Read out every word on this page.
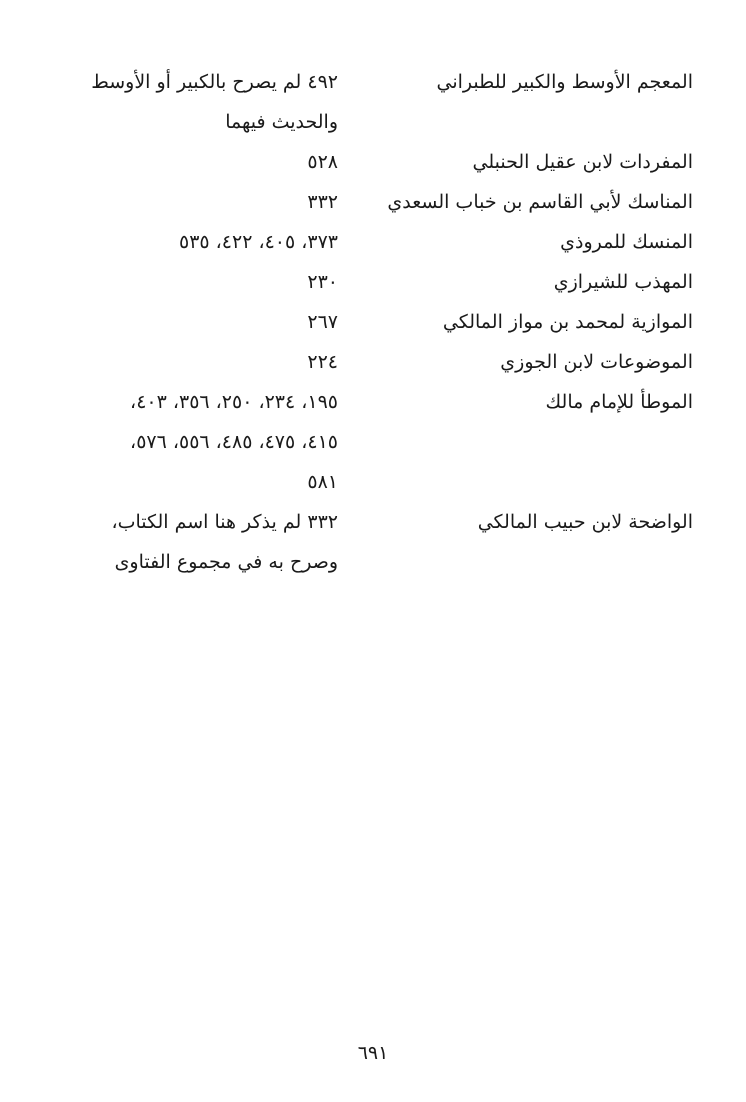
المعجم الأوسط والكبير للطبراني
٤٩٢ لم يصرح بالكبير أو الأوسط
والحديث فيهما
المفردات لابن عقيل الحنبلي
٥٢٨
المناسك لأبي القاسم بن خباب السعدي
٣٣٢
المنسك للمروذي
٣٧٣، ٤٠٥، ٤٢٢، ٥٣٥
المهذب للشيرازي
٢٣٠
الموازية لمحمد بن مواز المالكي
٢٦٧
الموضوعات لابن الجوزي
٢٢٤
الموطأ للإمام مالك
١٩٥، ٢٣٤، ٢٥٠، ٣٥٦، ٤٠٣،
٤١٥، ٤٧٥، ٤٨٥، ٥٥٦، ٥٧٦،
٥٨١
الواضحة لابن حبيب المالكي
٣٣٢ لم يذكر هنا اسم الكتاب،
وصرح به في مجموع الفتاوى
٦٩١
